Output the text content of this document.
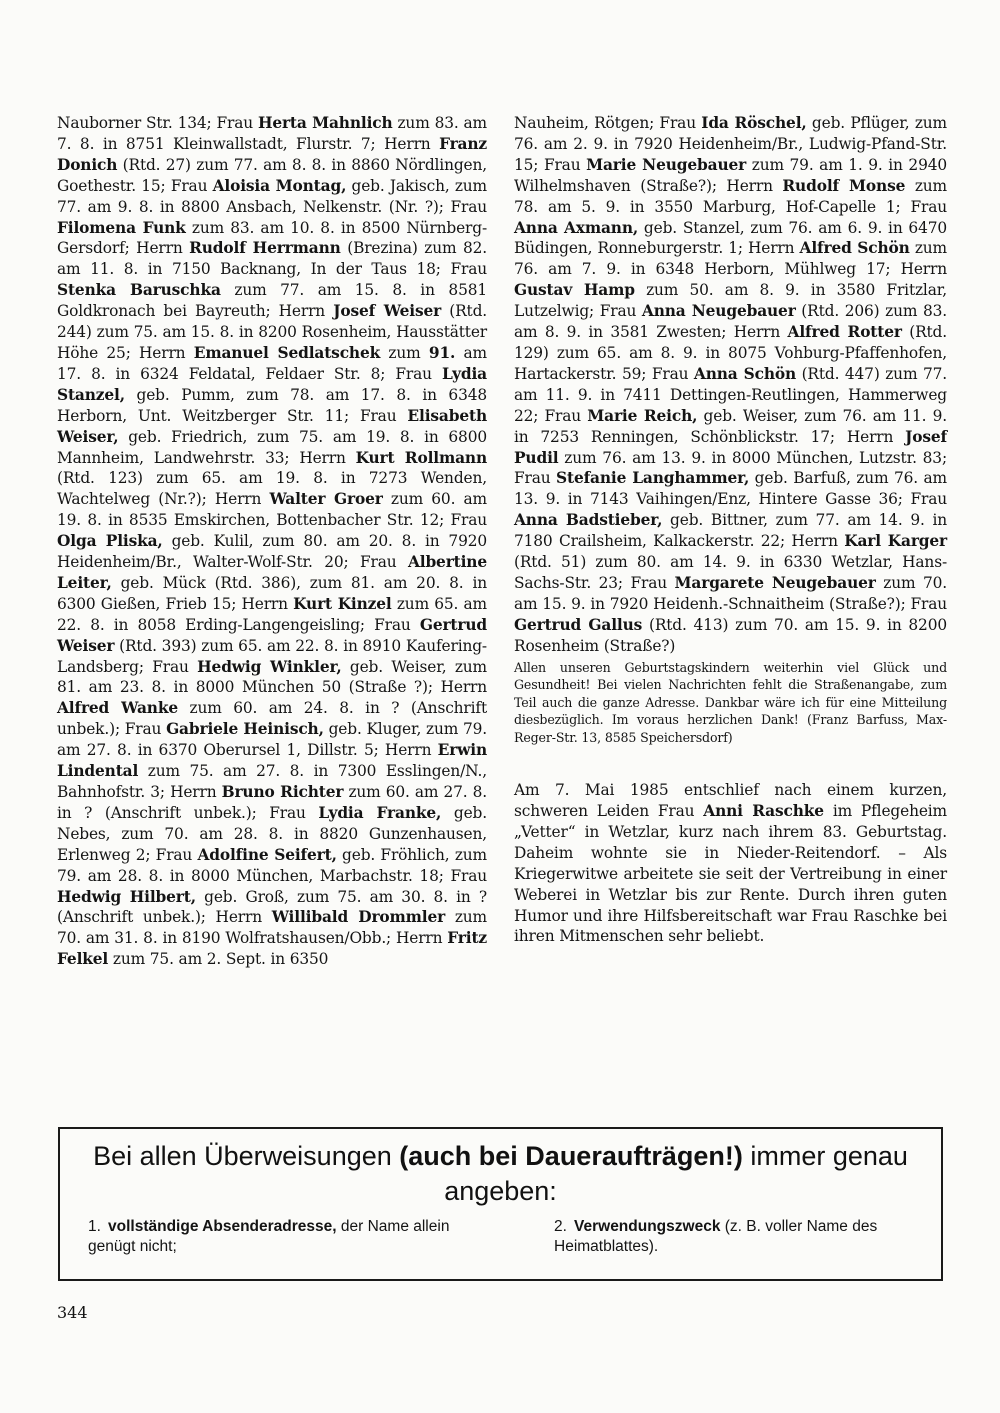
Nauborner Str. 134; Frau Herta Mahnlich zum 83. am 7. 8. in 8751 Kleinwallstadt, Flurstr. 7; Herrn Franz Donich (Rtd. 27) zum 77. am 8. 8. in 8860 Nördlingen, Goethestr. 15; Frau Aloisia Montag, geb. Jakisch, zum 77. am 9. 8. in 8800 Ansbach, Nelkenstr. (Nr. ?); Frau Filomena Funk zum 83. am 10. 8. in 8500 Nürnberg-Gersdorf; Herrn Rudolf Herrmann (Brezina) zum 82. am 11. 8. in 7150 Backnang, In der Taus 18; Frau Stenka Baruschka zum 77. am 15. 8. in 8581 Goldkronach bei Bayreuth; Herrn Josef Weiser (Rtd. 244) zum 75. am 15. 8. in 8200 Rosenheim, Hausstätter Höhe 25; Herrn Emanuel Sedlatschek zum 91. am 17. 8. in 6324 Feldatal, Feldaer Str. 8; Frau Lydia Stanzel, geb. Pumm, zum 78. am 17. 8. in 6348 Herborn, Unt. Weitzberger Str. 11; Frau Elisabeth Weiser, geb. Friedrich, zum 75. am 19. 8. in 6800 Mannheim, Landwehrstr. 33; Herrn Kurt Rollmann (Rtd. 123) zum 65. am 19. 8. in 7273 Wenden, Wachtelweg (Nr.?); Herrn Walter Groer zum 60. am 19. 8. in 8535 Emskirchen, Bottenbacher Str. 12; Frau Olga Pliska, geb. Kulil, zum 80. am 20. 8. in 7920 Heidenheim/Br., Walter-Wolf-Str. 20; Frau Albertine Leiter, geb. Mück (Rtd. 386), zum 81. am 20. 8. in 6300 Gießen, Frieb 15; Herrn Kurt Kinzel zum 65. am 22. 8. in 8058 Erding-Langengeisling; Frau Gertrud Weiser (Rtd. 393) zum 65. am 22. 8. in 8910 Kaufering-Landsberg; Frau Hedwig Winkler, geb. Weiser, zum 81. am 23. 8. in 8000 München 50 (Straße ?); Herrn Alfred Wanke zum 60. am 24. 8. in ? (Anschrift unbek.); Frau Gabriele Heinisch, geb. Kluger, zum 79. am 27. 8. in 6370 Oberursel 1, Dillstr. 5; Herrn Erwin Lindental zum 75. am 27. 8. in 7300 Esslingen/N., Bahnhofstr. 3; Herrn Bruno Richter zum 60. am 27. 8. in ? (Anschrift unbek.); Frau Lydia Franke, geb. Nebes, zum 70. am 28. 8. in 8820 Gunzenhausen, Erlenweg 2; Frau Adolfine Seifert, geb. Fröhlich, zum 79. am 28. 8. in 8000 München, Marbachstr. 18; Frau Hedwig Hilbert, geb. Groß, zum 75. am 30. 8. in ? (Anschrift unbek.); Herrn Willibald Drommler zum 70. am 31. 8. in 8190 Wolfratshausen/Obb.; Herrn Fritz Felkel zum 75. am 2. Sept. in 6350

Nauheim, Rötgen; Frau Ida Röschel, geb. Pflüger, zum 76. am 2. 9. in 7920 Heidenheim/Br., Ludwig-Pfand-Str. 15; Frau Marie Neugebauer zum 79. am 1. 9. in 2940 Wilhelmshaven (Straße?); Herrn Rudolf Monse zum 78. am 5. 9. in 3550 Marburg, Hof-Capelle 1; Frau Anna Axmann, geb. Stanzel, zum 76. am 6. 9. in 6470 Büdingen, Ronneburgerstr. 1; Herrn Alfred Schön zum 76. am 7. 9. in 6348 Herborn, Mühlweg 17; Herrn Gustav Hamp zum 50. am 8. 9. in 3580 Fritzlar, Lutzelwig; Frau Anna Neugebauer (Rtd. 206) zum 83. am 8. 9. in 3581 Zwesten; Herrn Alfred Rotter (Rtd. 129) zum 65. am 8. 9. in 8075 Vohburg-Pfaffenhofen, Hartackerstr. 59; Frau Anna Schön (Rtd. 447) zum 77. am 11. 9. in 7411 Dettingen-Reutlingen, Hammerweg 22; Frau Marie Reich, geb. Weiser, zum 76. am 11. 9. in 7253 Renningen, Schönblickstr. 17; Herrn Josef Pudil zum 76. am 13. 9. in 8000 München, Lutzstr. 83; Frau Stefanie Langhammer, geb. Barfuß, zum 76. am 13. 9. in 7143 Vaihingen/Enz, Hintere Gasse 36; Frau Anna Badstieber, geb. Bittner, zum 77. am 14. 9. in 7180 Crailsheim, Kalkackerstr. 22; Herrn Karl Karger (Rtd. 51) zum 80. am 14. 9. in 6330 Wetzlar, Hans-Sachs-Str. 23; Frau Margarete Neugebauer zum 70. am 15. 9. in 7920 Heidenh.-Schnaitheim (Straße?); Frau Gertrud Gallus (Rtd. 413) zum 70. am 15. 9. in 8200 Rosenheim (Straße?)

Allen unseren Geburtstagskindern weiterhin viel Glück und Gesundheit! Bei vielen Nachrichten fehlt die Straßenangabe, zum Teil auch die ganze Adresse. Dankbar wäre ich für eine Mitteilung diesbezüglich. Im voraus herzlichen Dank! (Franz Barfuss, Max-Reger-Str. 13, 8585 Speichersdorf)

Am 7. Mai 1985 entschlief nach einem kurzen, schweren Leiden Frau Anni Raschke im Pflegeheim „Vetter“ in Wetzlar, kurz nach ihrem 83. Geburtstag. Daheim wohnte sie in Nieder-Reitendorf. – Als Kriegerwitwe arbeitete sie seit der Vertreibung in einer Weberei in Wetzlar bis zur Rente. Durch ihren guten Humor und ihre Hilfsbereitschaft war Frau Raschke bei ihren Mitmenschen sehr beliebt.

Bei allen Überweisungen (auch bei Daueraufträgen!) immer genau angeben:
1. vollständige Absenderadresse, der Name allein genügt nicht;
2. Verwendungszweck (z. B. voller Name des Heimatblattes).
344
